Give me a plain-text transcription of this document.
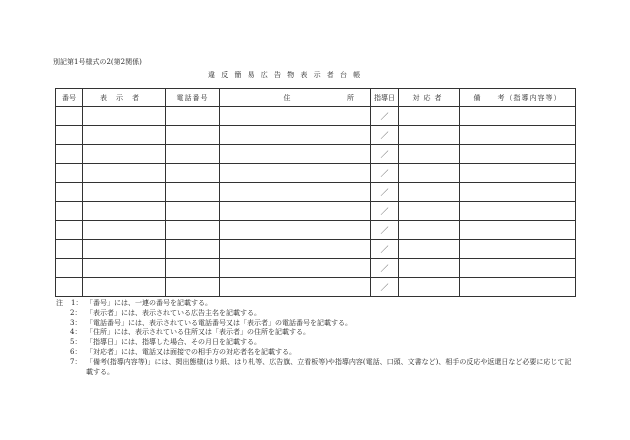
別記第1号様式の2(第2関係)
違反簡易広告物表示者台帳
番号	表示者	電話番号	住 所	指導日	対応者	備　　考（指導内容等）
				／		
				／		
				／		
				／		
				／		
				／		
				／		
				／		
				／		
				／		
注 1： 「番号」には、一連の番号を記載する。
2： 「表示者」には、表示されている広告主名を記載する。
3： 「電話番号」には、表示されている電話番号又は「表示者」の電話番号を記載する。
4： 「住所」には、表示されている住所又は「表示者」の住所を記載する。
5： 「指導日」には、指導した場合、その月日を記載する。
6： 「対応者」には、電話又は面接での相手方の対応者名を記載する。
7： 「備考(指導内容等)」には、掲出態様(はり紙、はり札等、広告旗、立看板等)や指導内容(電話、口頭、文書など)、相手の反応や返還日など必要に応じて記載する。
